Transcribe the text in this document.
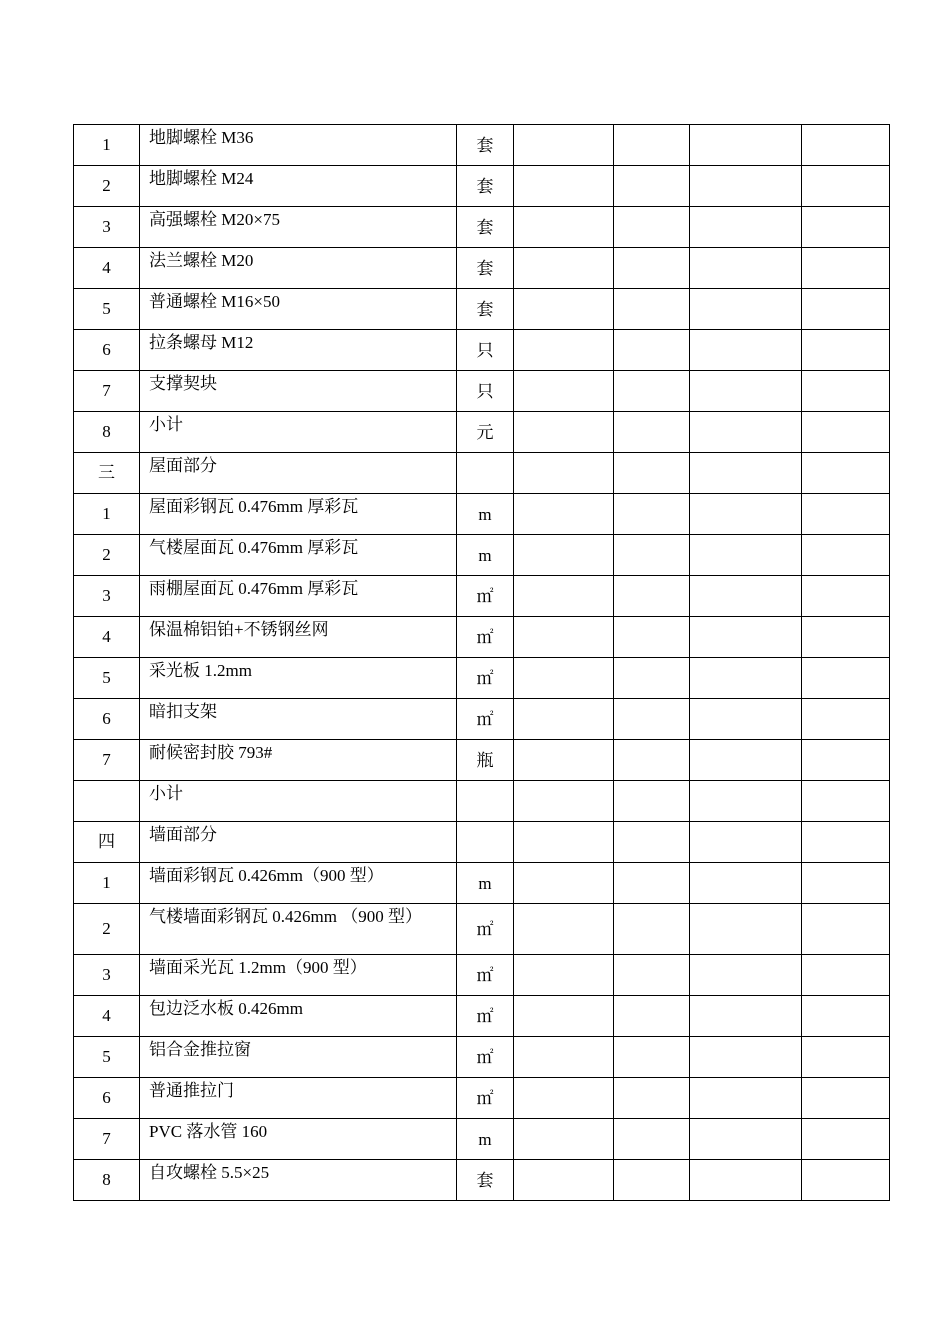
1	地脚螺栓 M36	套				
2	地脚螺栓 M24	套				
3	高强螺栓 M20×75	套				
4	法兰螺栓 M20	套				
5	普通螺栓 M16×50	套				
6	拉条螺母 M12	只				
7	支撑契块	只				
8	小计	元				
三	屋面部分					
1	屋面彩钢瓦 0.476mm 厚彩瓦	m				
2	气楼屋面瓦 0.476mm 厚彩瓦	m				
3	雨棚屋面瓦 0.476mm 厚彩瓦	㎡				
4	保温棉铝铂+不锈钢丝网	㎡				
5	采光板 1.2mm	㎡				
6	暗扣支架	㎡				
7	耐候密封胶 793#	瓶				
	小计					
四	墙面部分					
1	墙面彩钢瓦 0.426mm（900 型）	m				
2	气楼墙面彩钢瓦 0.426mm （900 型）	㎡				
3	墙面采光瓦 1.2mm（900 型）	㎡				
4	包边泛水板 0.426mm	㎡				
5	铝合金推拉窗	㎡				
6	普通推拉门	㎡				
7	PVC 落水管 160	m				
8	自攻螺栓 5.5×25	套				
